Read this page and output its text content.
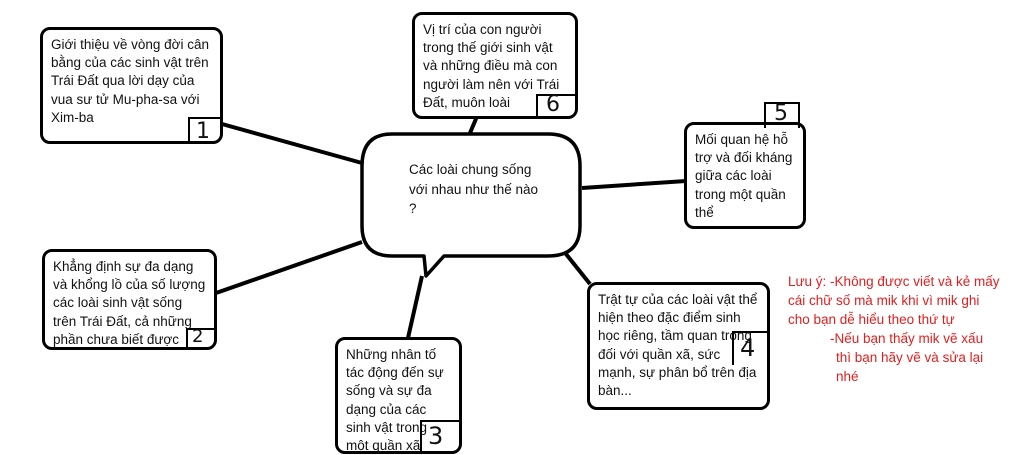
Các loài chung sống với nhau như thế nào ?
Giới thiệu về vòng đời cân bằng của các sinh vật trên Trái Đất qua lời dạy của vua sư tử Mu-pha-sa với Xim-ba
1
Khẳng định sự đa dạng và khổng lồ của số lượng các loài sinh vật sống trên Trái Đất, cả những phần chưa biết được 2
Những nhân tố tác động đến sự sống và sự đa dạng của các sinh vật trong một quần xã 3
Trật tự của các loài vật thể hiện theo đặc điểm sinh học riêng, tầm quan trọng đối với quần xã, sức mạnh, sự phân bổ trên địa bàn...
4
Mối quan hệ hỗ trợ và đối kháng giữa các loài trong một quần thể
5
Vị trí của con người trong thế giới sinh vật và những điều mà con người làm nên với Trái Đất, muôn loài	6
Lưu ý: -Không được viết và kẻ mấy
cái chữ số mà mik khi vì mik ghi
cho bạn dễ hiểu theo thứ tự
-Nếu bạn thấy mik vẽ xấu
thì bạn hãy vẽ và sửa lại
nhé
